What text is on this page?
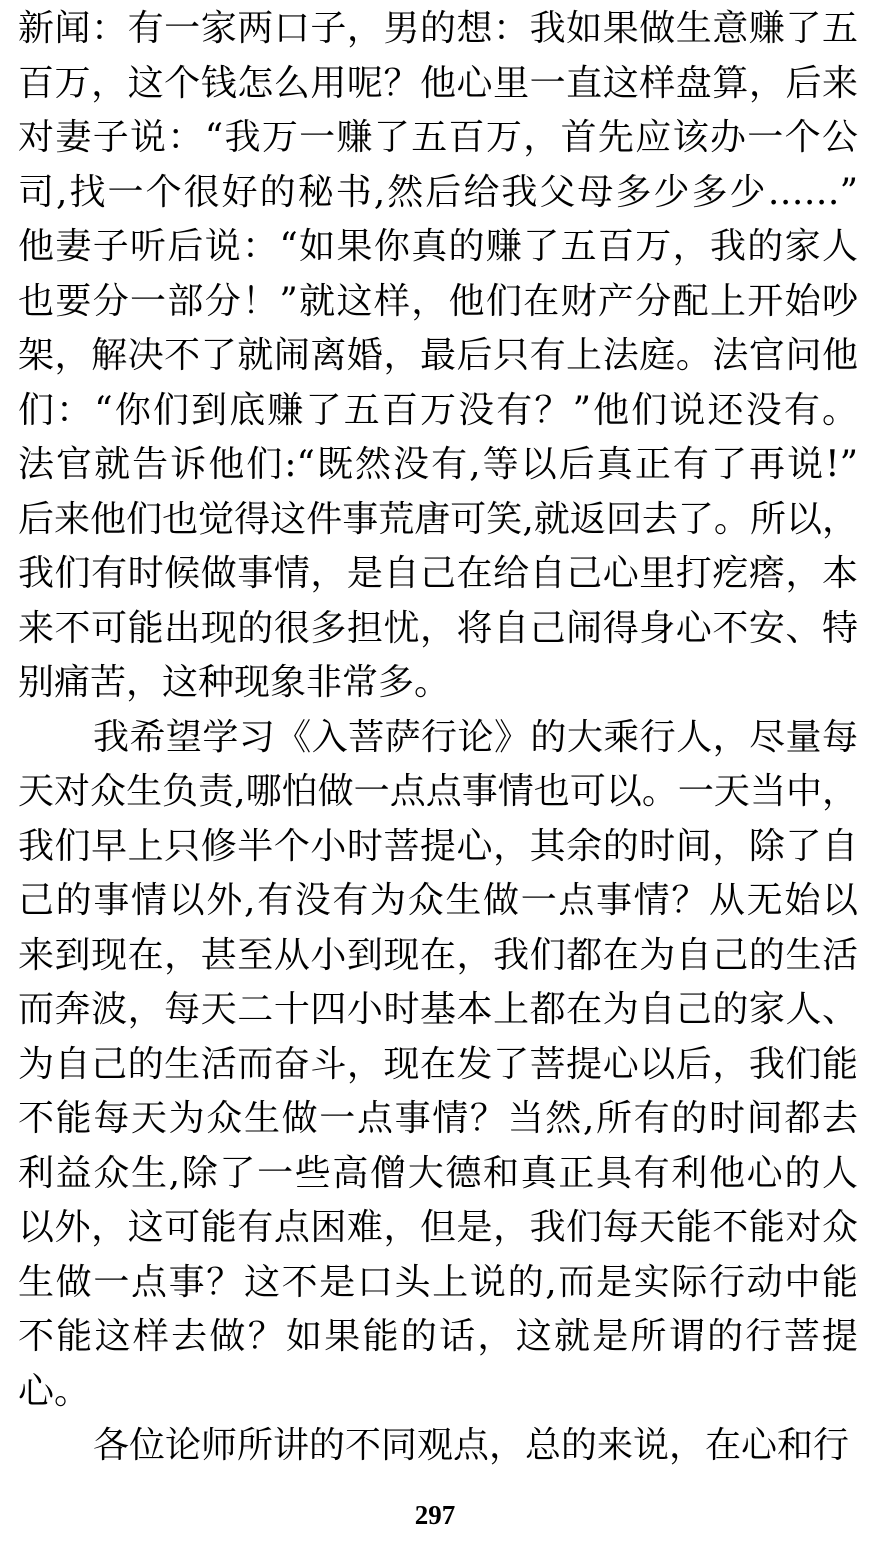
新闻：有一家两口子，男的想：我如果做生意赚了五
百万，这个钱怎么用呢？他心里一直这样盘算，后来
对妻子说：“我万一赚了五百万，首先应该办一个公
司,找一个很好的秘书,然后给我父母多少多少……”
他妻子听后说：“如果你真的赚了五百万，我的家人
也要分一部分！”就这样，他们在财产分配上开始吵
架，解决不了就闹离婚，最后只有上法庭。法官问他
们：“你们到底赚了五百万没有？”他们说还没有。
法官就告诉他们:“既然没有,等以后真正有了再说!”
后来他们也觉得这件事荒唐可笑,就返回去了。所以，
我们有时候做事情，是自己在给自己心里打疙瘩，本
来不可能出现的很多担忧，将自己闹得身心不安、特
别痛苦，这种现象非常多。
我希望学习《入菩萨行论》的大乘行人，尽量每
天对众生负责,哪怕做一点点事情也可以。一天当中，
我们早上只修半个小时菩提心，其余的时间，除了自
己的事情以外,有没有为众生做一点事情？从无始以
来到现在，甚至从小到现在，我们都在为自己的生活
而奔波，每天二十四小时基本上都在为自己的家人、
为自己的生活而奋斗，现在发了菩提心以后，我们能
不能每天为众生做一点事情？当然,所有的时间都去
利益众生,除了一些高僧大德和真正具有利他心的人
以外，这可能有点困难，但是，我们每天能不能对众
生做一点事？这不是口头上说的,而是实际行动中能
不能这样去做？如果能的话，这就是所谓的行菩提
心。
各位论师所讲的不同观点，总的来说，在心和行
297
